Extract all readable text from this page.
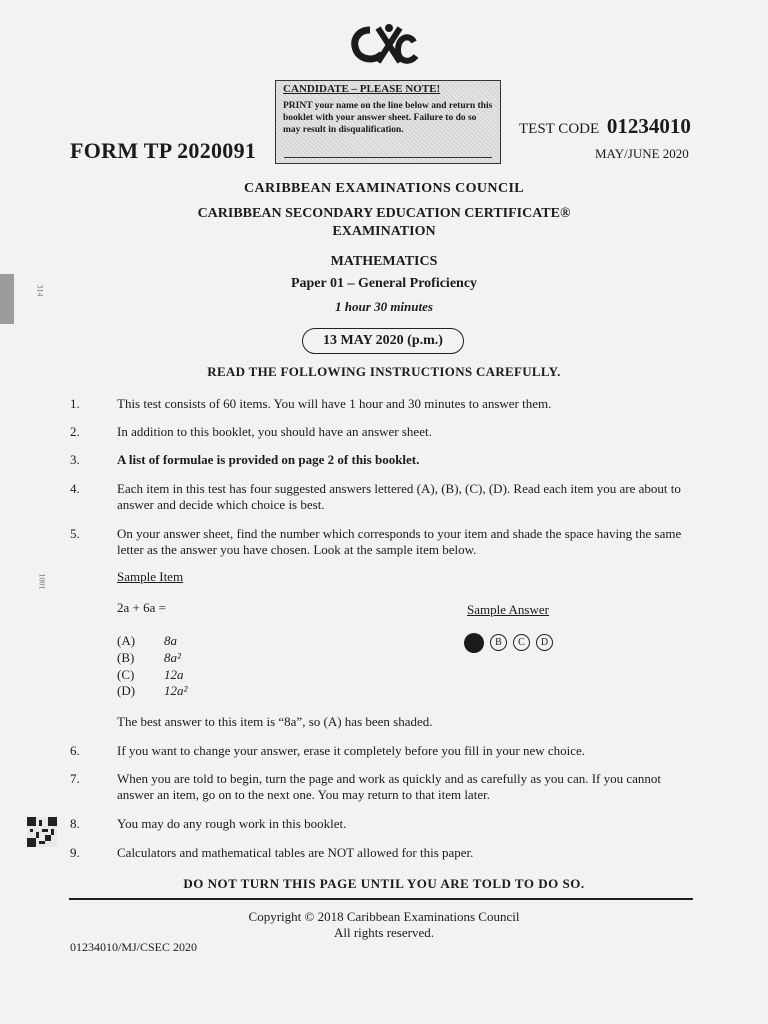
CANDIDATE – PLEASE NOTE!
PRINT your name on the line below and return this booklet with your answer sheet. Failure to do so may result in disqualification.
FORM TP 2020091
TEST CODE 01234010
MAY/JUNE 2020
CARIBBEAN EXAMINATIONS COUNCIL
CARIBBEAN SECONDARY EDUCATION CERTIFICATE®
EXAMINATION
MATHEMATICS
Paper 01 – General Proficiency
1 hour 30 minutes
13 MAY 2020 (p.m.)
READ THE FOLLOWING INSTRUCTIONS CAREFULLY.
1.	This test consists of 60 items. You will have 1 hour and 30 minutes to answer them.
2.	In addition to this booklet, you should have an answer sheet.
3.	A list of formulae is provided on page 2 of this booklet.
4.	Each item in this test has four suggested answers lettered (A), (B), (C), (D). Read each item you are about to answer and decide which choice is best.
5.	On your answer sheet, find the number which corresponds to your item and shade the space having the same letter as the answer you have chosen. Look at the sample item below.
Sample Item
2a + 6a =	Sample Answer
(A) 8a
(B) 8a²
(C) 12a
(D) 12a²
B	C	D
The best answer to this item is “8a”, so (A) has been shaded.
6.	If you want to change your answer, erase it completely before you fill in your new choice.
7.	When you are told to begin, turn the page and work as quickly and as carefully as you can. If you cannot answer an item, go on to the next one. You may return to that item later.
8.	You may do any rough work in this booklet.
9.	Calculators and mathematical tables are NOT allowed for this paper.
DO NOT TURN THIS PAGE UNTIL YOU ARE TOLD TO DO SO.
Copyright © 2018 Caribbean Examinations Council
All rights reserved.
01234010/MJ/CSEC 2020
314
1001
